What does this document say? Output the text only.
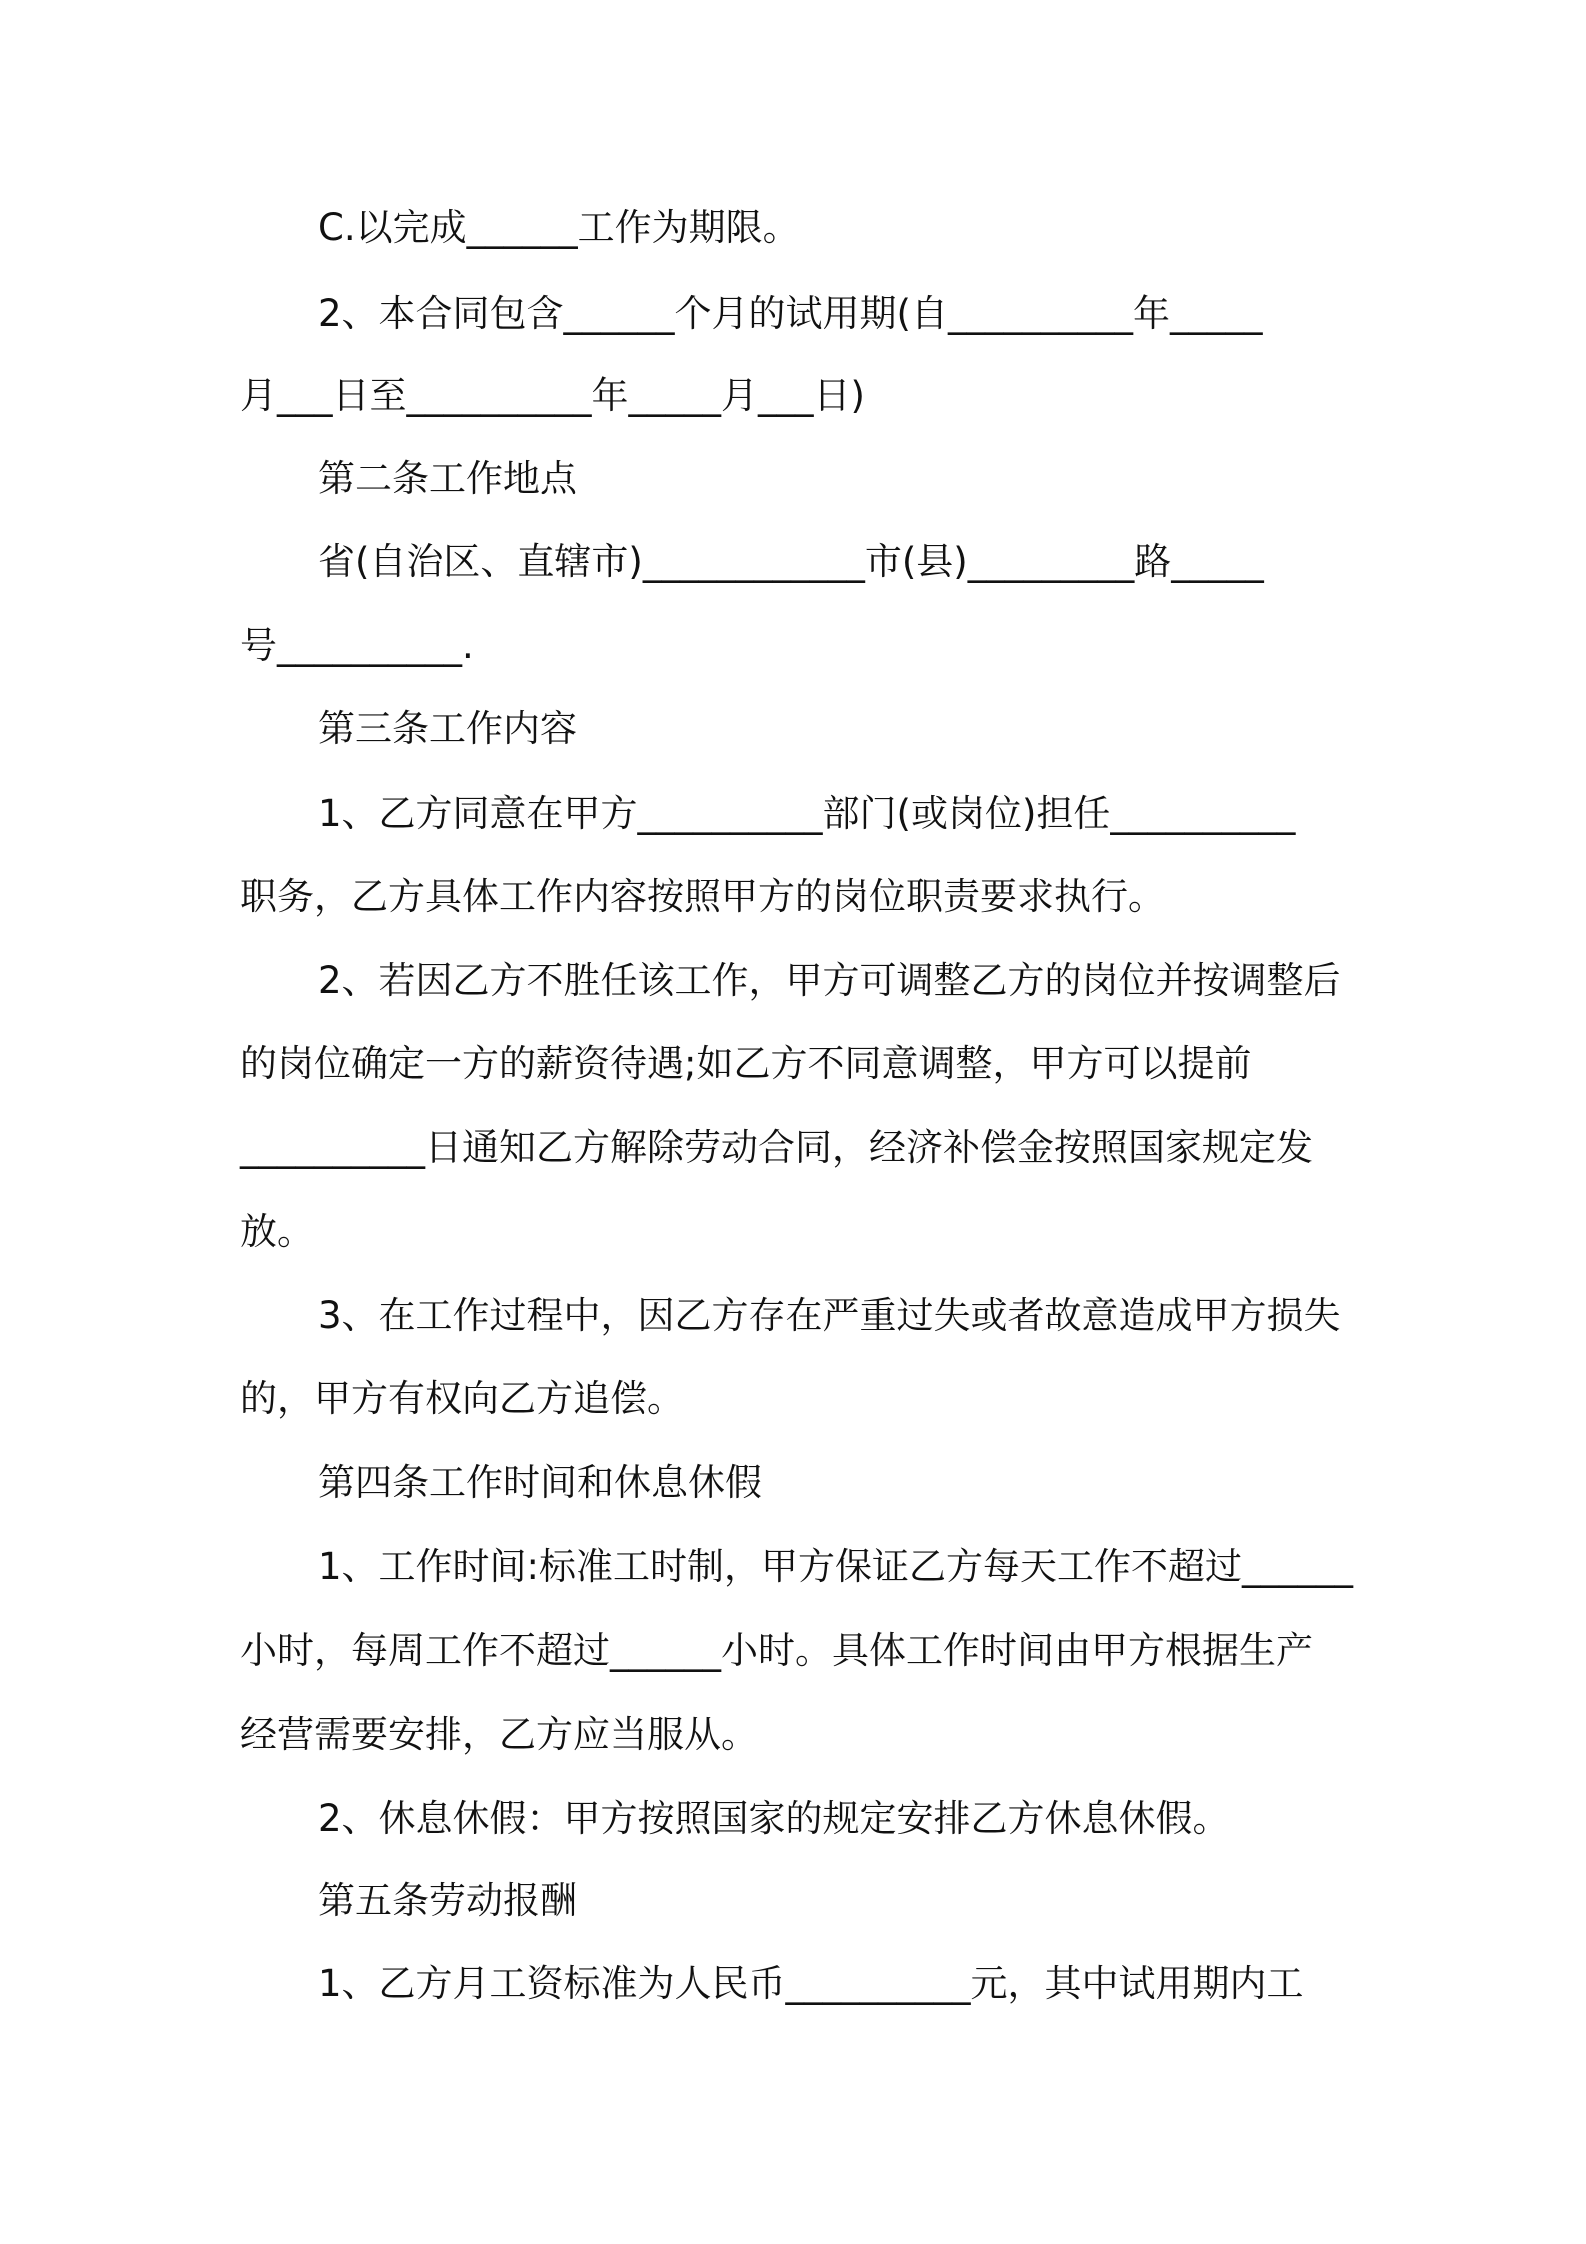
C.以完成______工作为期限。
2、本合同包含______个月的试用期(自__________年_____
月___日至__________年_____月___日)
第二条工作地点
省(自治区、直辖市)____________市(县)_________路_____
号__________.
第三条工作内容
1、乙方同意在甲方__________部门(或岗位)担任__________
职务，乙方具体工作内容按照甲方的岗位职责要求执行。
2、若因乙方不胜任该工作，甲方可调整乙方的岗位并按调整后
的岗位确定一方的薪资待遇;如乙方不同意调整，甲方可以提前
__________日通知乙方解除劳动合同，经济补偿金按照国家规定发
放。
3、在工作过程中，因乙方存在严重过失或者故意造成甲方损失
的，甲方有权向乙方追偿。
第四条工作时间和休息休假
1、工作时间:标准工时制，甲方保证乙方每天工作不超过______
小时，每周工作不超过______小时。具体工作时间由甲方根据生产
经营需要安排，乙方应当服从。
2、休息休假：甲方按照国家的规定安排乙方休息休假。
第五条劳动报酬
1、乙方月工资标准为人民币__________元，其中试用期内工
